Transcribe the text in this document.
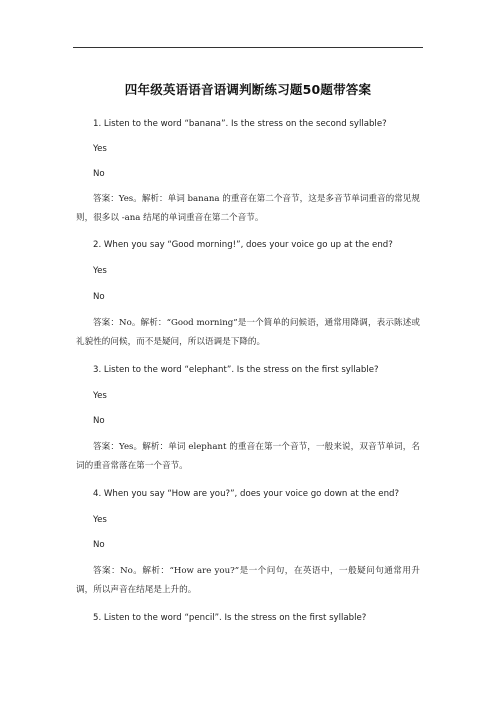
四年级英语语音语调判断练习题50题带答案
1. Listen to the word “banana”. Is the stress on the second syllable?
Yes
No
答案：Yes。解析：单词 banana 的重音在第二个音节，这是多音节单词重音的常见规则，很多以 -ana 结尾的单词重音在第二个音节。
2. When you say “Good morning!”, does your voice go up at the end?
Yes
No
答案：No。解析：“Good morning”是一个简单的问候语，通常用降调，表示陈述或礼貌性的问候，而不是疑问，所以语调是下降的。
3. Listen to the word “elephant”. Is the stress on the first syllable?
Yes
No
答案：Yes。解析：单词 elephant 的重音在第一个音节，一般来说，双音节单词，名词的重音常落在第一个音节。
4. When you say “How are you?”, does your voice go down at the end?
Yes
No
答案：No。解析：“How are you?”是一个问句，在英语中，一般疑问句通常用升调，所以声音在结尾是上升的。
5. Listen to the word “pencil”. Is the stress on the first syllable?
